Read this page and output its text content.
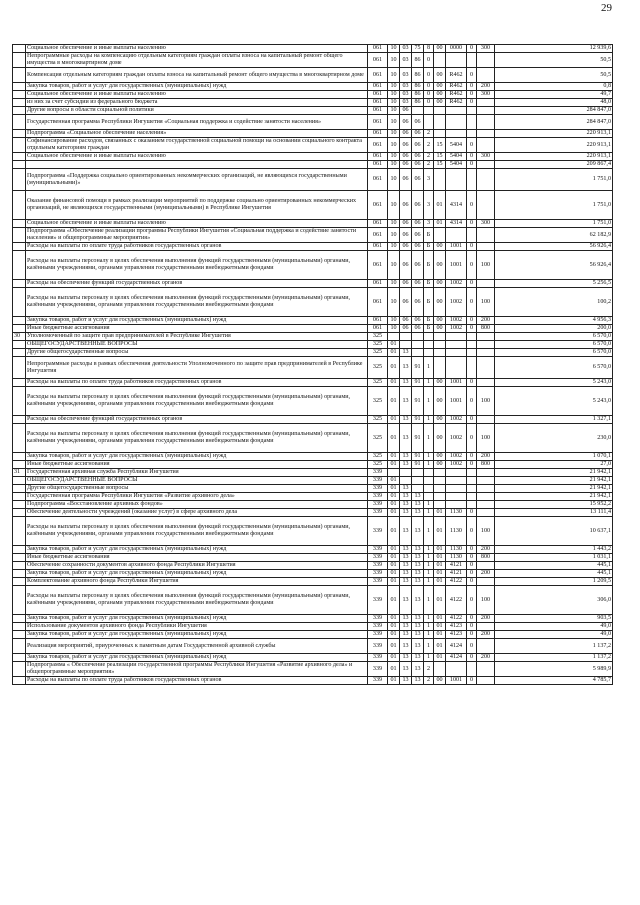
29
	Социальное обеспечение и иные выплаты населению	061	10	03	75	8	00	0000	0	300	12 939,6
	Непрограммные расходы на компенсацию отдельным категориям граждан оплаты взноса на капитальный ремонт общего имущества в многоквартирном доме	061	10	03	86	0					50,5
	Компенсация отдельным категориям граждан оплаты взноса на капитальный ремонт общего имущества в многоквартирном доме	061	10	03	86	0	00	R462	0		50,5
	Закупка товаров, работ и услуг для государственных (муниципальных) нужд	061	10	03	86	0	00	R462	0	200	0,8
	Социальное обеспечение и иные выплаты населению	061	10	03	86	0	00	R462	0	300	49,7
	из них за счет субсидии из федерального бюджета	061	10	03	86	0	00	R462	0		48,0
	Другие вопросы в области социальной политики	061	10	06							284 847,0
	Государственная программа Республики Ингушетия «Социальная поддержка и содействие занятости населения»	061	10	06	06						284 847,0
	Подпрограмма «Социальное обеспечение населения»	061	10	06	06	2					220 913,1
	Софинансирование расходов, связанных с оказанием государственной социальной помощи на основании социального контракта отдельным категориям граждан	061	10	06	06	2	15	5404	0		220 913,1
	Социальное обеспечение и иные выплаты населению	061	10	06	06	2	15	5404	0	300	220 913,1
		061	10	06	06	2	15	5404	0		209 867,4
	Подпрограмма «Поддержка социально ориентированных некоммерческих организаций, не являющихся государственными (муниципальными)»	061	10	06	06	3					1 751,0
	Оказание финансовой помощи в рамках реализации мероприятий по поддержке социально ориентированных некоммерческих организаций, не являющихся государственными (муниципальными) в Республике Ингушетия	061	10	06	06	3	01	4314	0		1 751,0
	Социальное обеспечение и иные выплаты населению	061	10	06	06	3	01	4314	0	300	1 751,0
	Подпрограмма «Обеспечение реализации программы Республики Ингушетия «Социальная поддержка и содействие занятости населения» и общепрограммные мероприятия»	061	10	06	06	Б					62 182,9
	Расходы на выплаты по оплате труда работников государственных органов	061	10	06	06	Б	00	1001	0		56 926,4
	Расходы на выплаты персоналу в целях обеспечения выполнения функций государственными (муниципальными) органами, казёнными учреждениями, органами управления государственными внебюджетными фондами	061	10	06	06	Б	00	1001	0	100	56 926,4
	Расходы на обеспечение функций государственных органов	061	10	06	06	Б	00	1002	0		5 256,5
	Расходы на выплаты персоналу в целях обеспечения выполнения функций государственными (муниципальными) органами, казёнными учреждениями, органами управления государственными внебюджетными фондами	061	10	06	06	Б	00	1002	0	100	100,2
	Закупка товаров, работ и услуг для государственных (муниципальных) нужд	061	10	06	06	Б	00	1002	0	200	4 956,3
	Иные бюджетные ассигнования	061	10	06	06	Б	00	1002	0	800	200,0
30	Уполномоченный по защите прав предпринимателей в Республике Ингушетия	325									6 570,0
	ОБЩЕГОСУДАРСТВЕННЫЕ ВОПРОСЫ	325	01								6 570,0
	Другие общегосударственные вопросы	325	01	13							6 570,0
	Непрограммные расходы в рамках обеспечения деятельности Уполномоченного по защите прав предпринимателей в Республике Ингушетия	325	01	13	91	1					6 570,0
	Расходы на выплаты по оплате труда работников государственных органов	325	01	13	91	1	00	1001	0		5 243,0
	Расходы на выплаты персоналу в целях обеспечения выполнения функций государственными (муниципальными) органами, казёнными учреждениями, органами управления государственными внебюджетными фондами	325	01	13	91	1	00	1001	0	100	5 243,0
	Расходы на обеспечение функций государственных органов	325	01	13	91	1	00	1002	0		1 327,1
	Расходы на выплаты персоналу в целях обеспечения выполнения функций государственными (муниципальными) органами, казёнными учреждениями, органами управления государственными внебюджетными фондами	325	01	13	91	1	00	1002	0	100	230,0
	Закупка товаров, работ и услуг для государственных (муниципальных) нужд	325	01	13	91	1	00	1002	0	200	1 070,1
	Иные бюджетные ассигнования	325	01	13	91	1	00	1002	0	800	27,0
31	Государственная архивная служба Республики Ингушетия	339									21 942,1
	ОБЩЕГОСУДАРСТВЕННЫЕ ВОПРОСЫ	339	01								21 942,1
	Другие общегосударственные вопросы	339	01	13							21 942,1
	Государственная программа Республики Ингушетия «Развитие архивного дела»	339	01	13	13						21 942,1
	Подпрограмма «Восстановление архивных фондов»	339	01	13	13	1					15 952,2
	Обеспечение деятельности учреждений (оказание услуг) в сфере архивного дела	339	01	13	13	1	01	1130	0		13 111,4
	Расходы на выплаты персоналу в целях обеспечения выполнения функций государственными (муниципальными) органами, казёнными учреждениями, органами управления государственными внебюджетными фондами	339	01	13	13	1	01	1130	0	100	10 637,1
	Закупка товаров, работ и услуг для государственных (муниципальных) нужд	339	01	13	13	1	01	1130	0	200	1 443,2
	Иные бюджетные ассигнования	339	01	13	13	1	01	1130	0	800	1 031,1
	Обеспечение сохранности документов архивного фонда Республики Ингушетия	339	01	13	13	1	01	4121	0		445,1
	Закупка товаров, работ и услуг для государственных (муниципальных) нужд	339	01	13	13	1	01	4121	0	200	445,1
	Комплектование архивного фонда Республики Ингушетия	339	01	13	13	1	01	4122	0		1 209,5
	Расходы на выплаты персоналу в целях обеспечения выполнения функций государственными (муниципальными) органами, казёнными учреждениями, органами управления государственными внебюджетными фондами	339	01	13	13	1	01	4122	0	100	306,0
	Закупка товаров, работ и услуг для государственных (муниципальных) нужд	339	01	13	13	1	01	4122	0	200	903,5
	Использование документов архивного фонда Республики Ингушетия	339	01	13	13	1	01	4123	0		49,0
	Закупка товаров, работ и услуг для государственных (муниципальных) нужд	339	01	13	13	1	01	4123	0	200	49,0
	Реализация мероприятий, приуроченных к памятным датам Государственной архивной службы	339	01	13	13	1	01	4124	0		1 137,2
	Закупка товаров, работ и услуг для государственных (муниципальных) нужд	339	01	13	13	1	01	4124	0	200	1 137,2
	Подпрограмма « Обеспечение реализации государственной программы Республики Ингушетия «Развитие архивного дела» и общепрограммные мероприятия»	339	01	13	13	2					5 989,9
	Расходы на выплаты по оплате труда работников государственных органов	339	01	13	13	2	00	1001	0		4 785,7
